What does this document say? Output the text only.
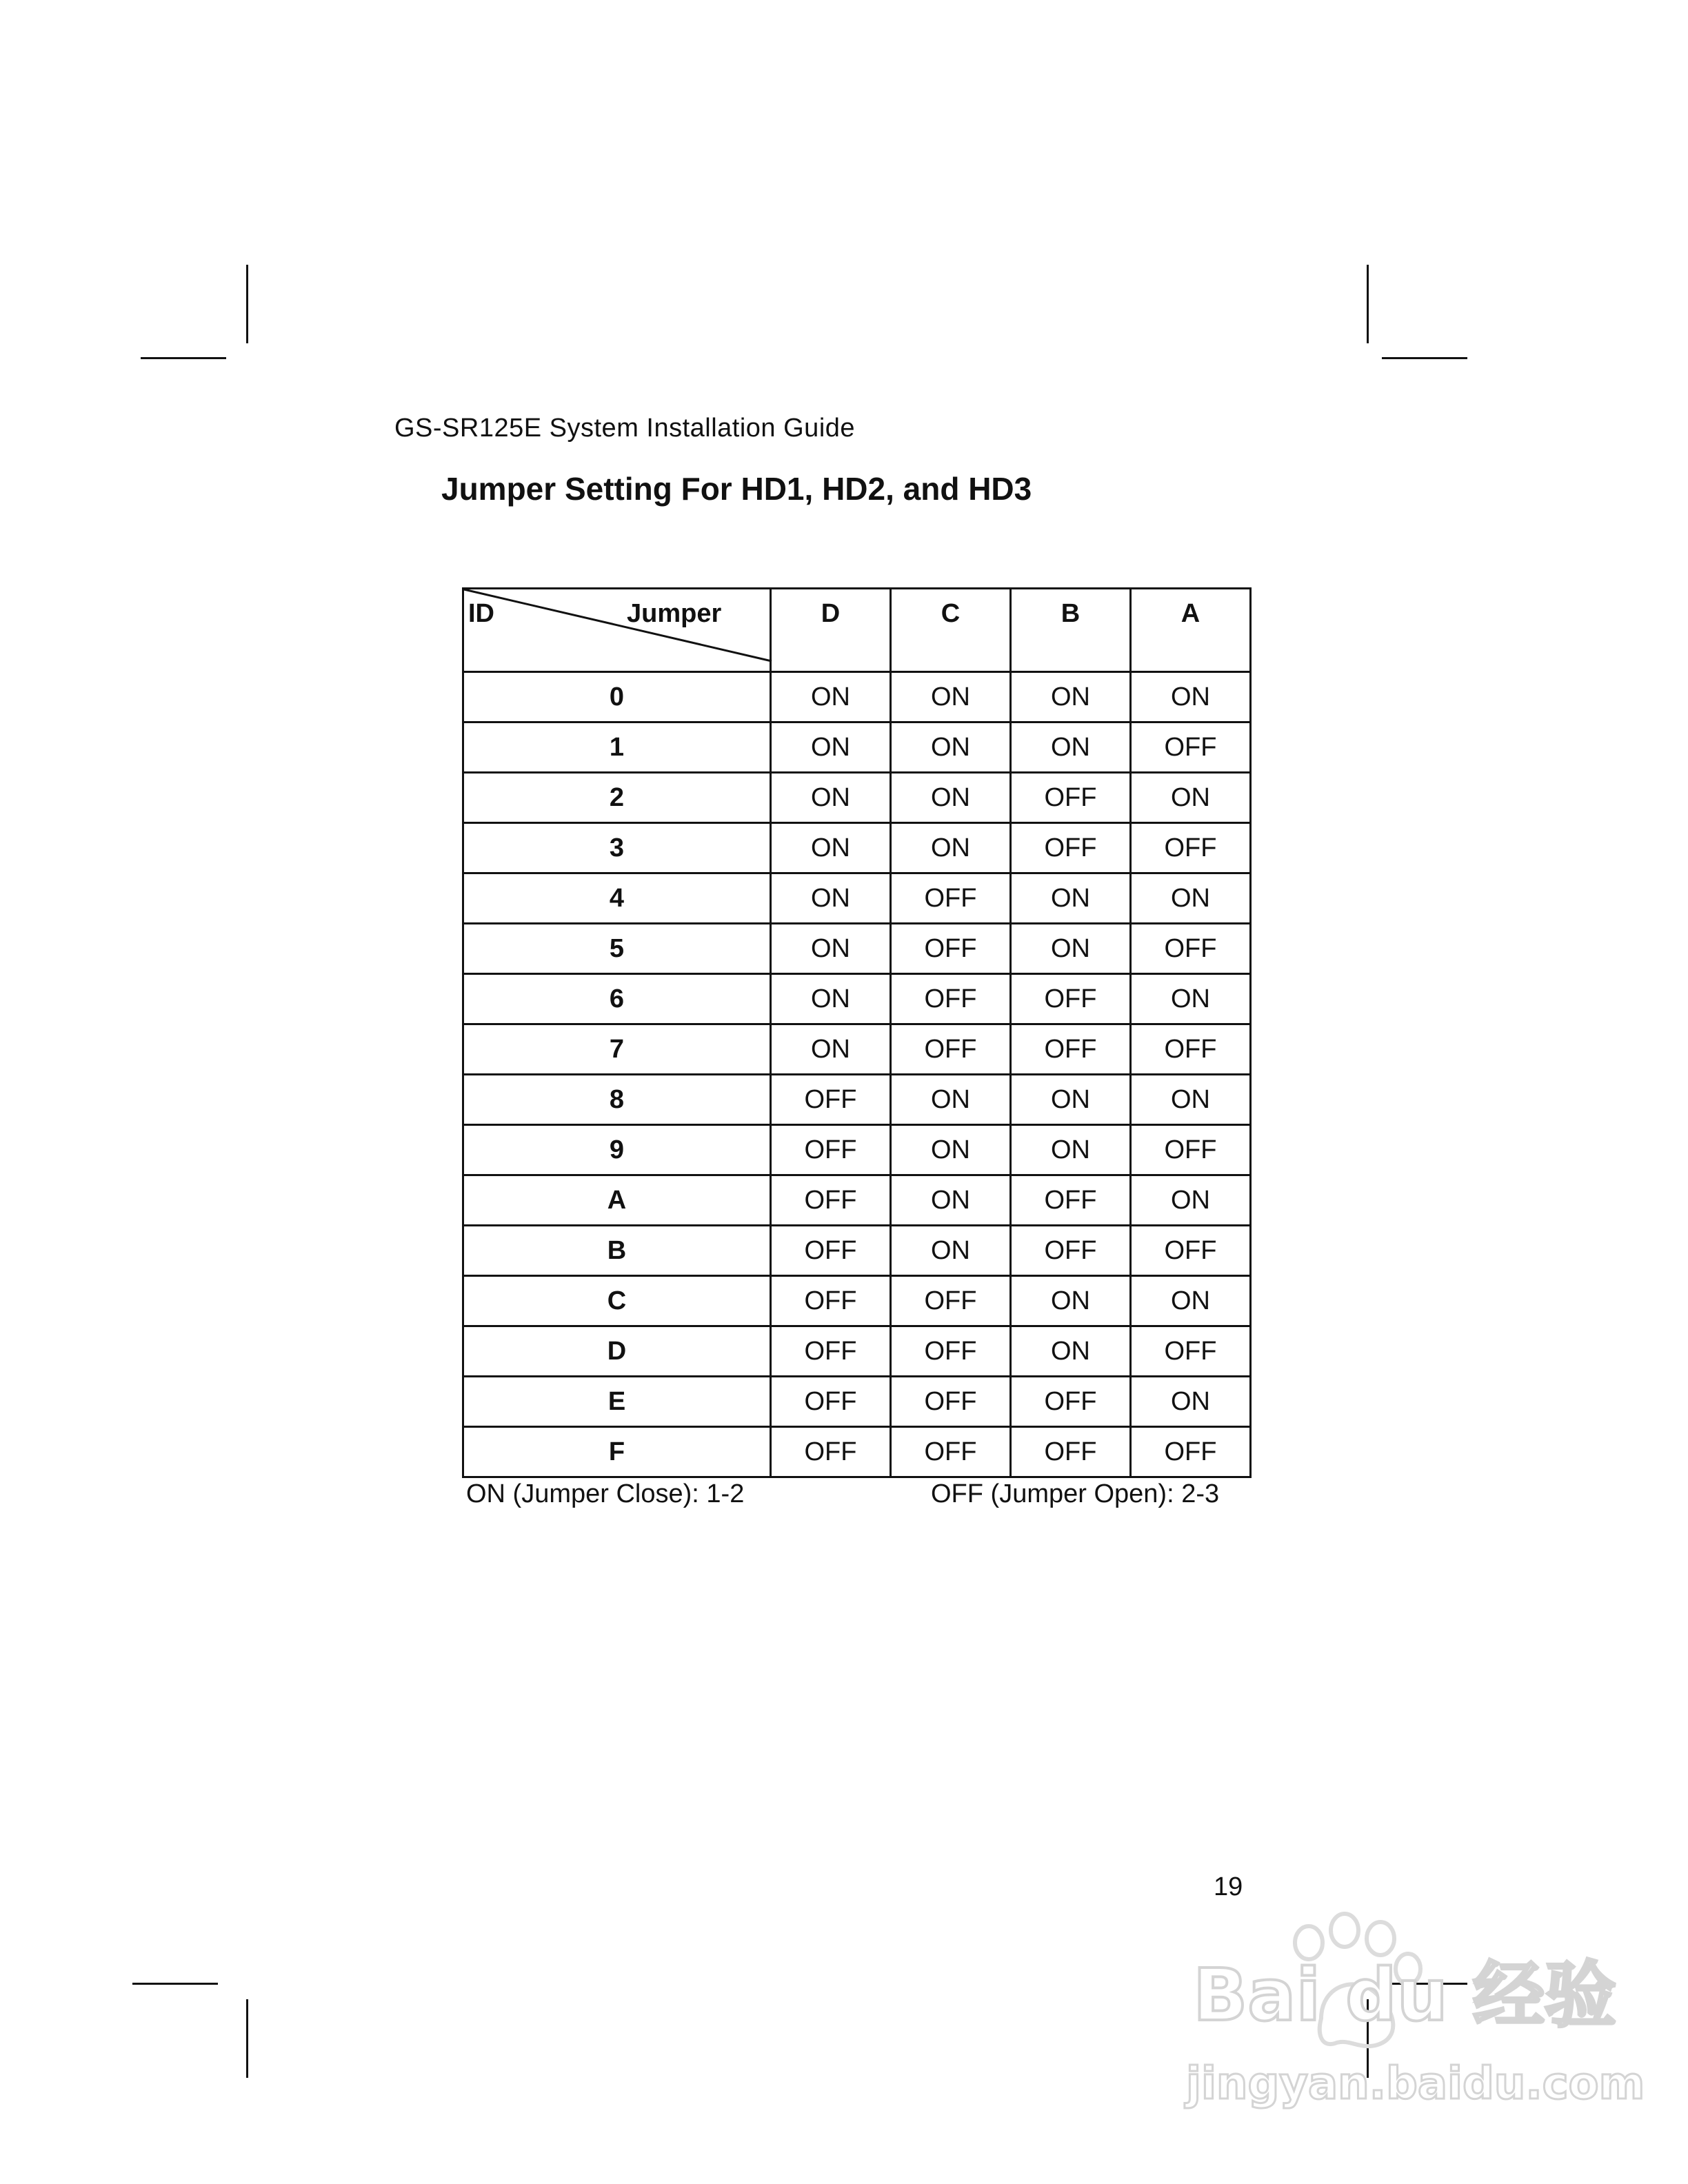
GS-SR125E System Installation Guide
Jumper Setting For HD1, HD2, and HD3
ID Jumper	D	C	B	A
0	ON	ON	ON	ON
1	ON	ON	ON	OFF
2	ON	ON	OFF	ON
3	ON	ON	OFF	OFF
4	ON	OFF	ON	ON
5	ON	OFF	ON	OFF
6	ON	OFF	OFF	ON
7	ON	OFF	OFF	OFF
8	OFF	ON	ON	ON
9	OFF	ON	ON	OFF
A	OFF	ON	OFF	ON
B	OFF	ON	OFF	OFF
C	OFF	OFF	ON	ON
D	OFF	OFF	ON	OFF
E	OFF	OFF	OFF	ON
F	OFF	OFF	OFF	OFF
ON (Jumper Close): 1-2	OFF (Jumper Open): 2-3
19
Bai du 经验
jingyan.baidu.com
